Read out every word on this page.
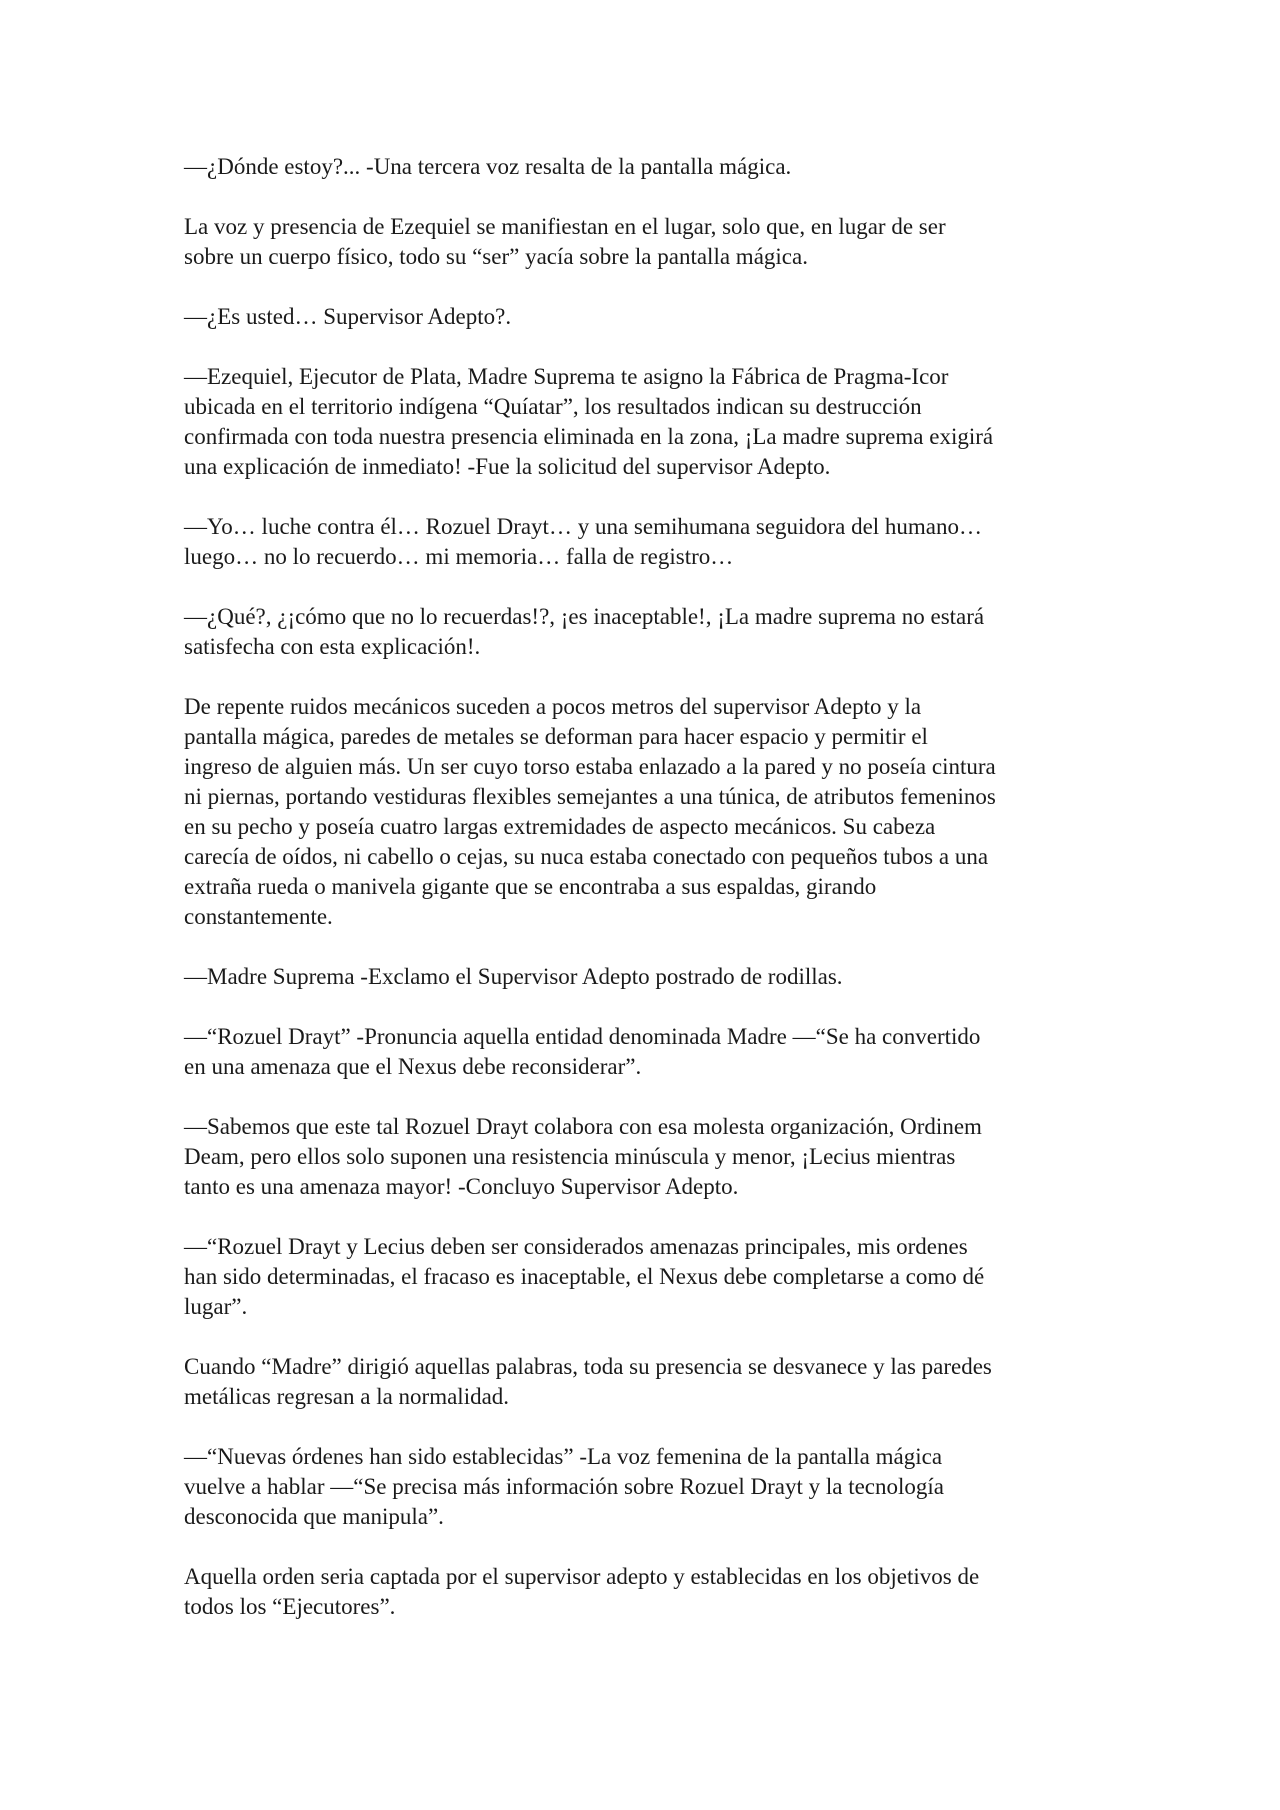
—¿Dónde estoy?... -Una tercera voz resalta de la pantalla mágica.

La voz y presencia de Ezequiel se manifiestan en el lugar, solo que, en lugar de ser
sobre un cuerpo físico, todo su “ser” yacía sobre la pantalla mágica.

—¿Es usted… Supervisor Adepto?.

—Ezequiel, Ejecutor de Plata, Madre Suprema te asigno la Fábrica de Pragma-Icor
ubicada en el territorio indígena “Quíatar”, los resultados indican su destrucción
confirmada con toda nuestra presencia eliminada en la zona, ¡La madre suprema exigirá
una explicación de inmediato! -Fue la solicitud del supervisor Adepto.

—Yo… luche contra él… Rozuel Drayt… y una semihumana seguidora del humano…
luego… no lo recuerdo… mi memoria… falla de registro…

—¿Qué?, ¿¡cómo que no lo recuerdas!?, ¡es inaceptable!, ¡La madre suprema no estará
satisfecha con esta explicación!.

De repente ruidos mecánicos suceden a pocos metros del supervisor Adepto y la
pantalla mágica, paredes de metales se deforman para hacer espacio y permitir el
ingreso de alguien más. Un ser cuyo torso estaba enlazado a la pared y no poseía cintura
ni piernas, portando vestiduras flexibles semejantes a una túnica, de atributos femeninos
en su pecho y poseía cuatro largas extremidades de aspecto mecánicos. Su cabeza
carecía de oídos, ni cabello o cejas, su nuca estaba conectado con pequeños tubos a una
extraña rueda o manivela gigante que se encontraba a sus espaldas, girando
constantemente.

—Madre Suprema -Exclamo el Supervisor Adepto postrado de rodillas.

—“Rozuel Drayt” -Pronuncia aquella entidad denominada Madre —“Se ha convertido
en una amenaza que el Nexus debe reconsiderar”.

—Sabemos que este tal Rozuel Drayt colabora con esa molesta organización, Ordinem
Deam, pero ellos solo suponen una resistencia minúscula y menor, ¡Lecius mientras
tanto es una amenaza mayor! -Concluyo Supervisor Adepto.

—“Rozuel Drayt y Lecius deben ser considerados amenazas principales, mis ordenes
han sido determinadas, el fracaso es inaceptable, el Nexus debe completarse a como dé
lugar”.

Cuando “Madre” dirigió aquellas palabras, toda su presencia se desvanece y las paredes
metálicas regresan a la normalidad.

—“Nuevas órdenes han sido establecidas” -La voz femenina de la pantalla mágica
vuelve a hablar —“Se precisa más información sobre Rozuel Drayt y la tecnología
desconocida que manipula”.

Aquella orden seria captada por el supervisor adepto y establecidas en los objetivos de
todos los “Ejecutores”.
